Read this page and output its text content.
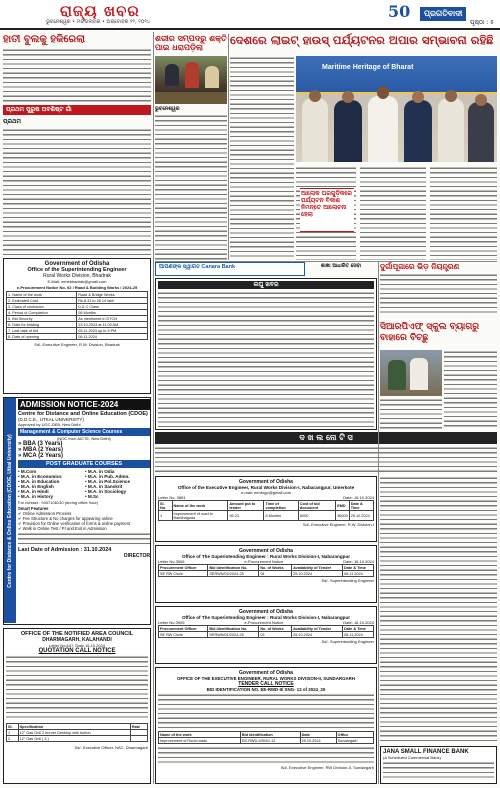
ରାଜ୍ୟ ଖବର
ଭୁବନେଶ୍ୱର • ମଙ୍ଗଳବାର • ଅକ୍ଟୋବର ୨୨, ୨୦୨୪
50	ପ୍ରଗତିବାଦୀ
ପୃଷ୍ଠା : ୫
ହାତୀ ବୁଲକୁ ହକିରେଲା
ପ୍ରଥମ ପୁରୁଷ ଅବଶିଷ୍ଟ ଗାଁ
ପ୍ରଥମ
Government of Odisha
Office of the Superintending Engineer
Rural Works Division, Bhadrak
E-Mail: eerwbhadrak@gmail.com
e-Procurement Notice No. 02 / Road & Building Works / 2024-25
1. Name of the work	Road & Bridge Works
2. Estimated Cost	Rs.8.31 to 28.14 lakh
3. Class of contractor	D & C Class
4. Period of Completion	06 Months
5. Bid Security	As mentioned in DTCN
6. Date for bidding	23.10.2024 at 11.00 AM
7. Last date of bid	05.11.2024 up to 5 PM
8. Date of opening	06.11.2024
Sd/- Executive Engineer, R.W. Division, Bhadrak
Centre for Distance & Online Education (CDOE, Utkal University)
ADMISSION NOTICE-2024
Centre for Distance and Online Education (CDOE)
(D.D.C.E., UTKAL UNIVERSITY)
Approved by UGC-DEB, New Delhi
Management & Computer Science Courses
(NOC from AICTE, New Delhi)
» BBA (3 Years)
» MBA (2 Years)
» MCA (2 Years)
POST GRADUATE COURSES
• M.Com	• M.A. in Odia
• M.A. in Economics	• M.A. in Pub. Admn.
• M.A. in Education	• M.A. in Pol.Science
• M.A. in English	• M.A. in Sanskrit
• M.A. in Hindi	• M.A. in Sociology
• M.A. in History	• M.Sc
For contact : 9437106130 (during office hour)
Smart Features
✔ Online Admission Process
✔ Fee Structure & No charges for appearing online
✔ Provision for Online verification of forms & online payment
✔ Walk in Online Test / PI and Exit in Admission
Last Date of Admission : 31.10.2024
DIRECTOR
OFFICE OF THE NOTIFIED AREA COUNCIL
DHARMAGARH, KALAHANDI
Letter No.647, Date 16.10.2024
QUOTATION CALL NOTICE
Sl.	Specification	Rate
1	12" Gas Grill 2 burner Desktop with button	
2	12" Gas Grill ( 3 )	
Sd/- Executive Officer, NAC, Dharmagarh
ଶରୀର ସମ୍ପଦରୁ ଶକ୍ତି ପାଇ ଧରାପଡ଼ିଲା
ଭୁବନେଶ୍ୱର
ଦେଶରେ ଲାଇଟ୍‍ ହାଉସ୍‍ ପର୍ଯ୍ୟଟନର ଅପାର ସମ୍ଭାବନା ରହିଛି
Maritime Heritage of Bharat
ଆଲୋକ ଘରଗୁଡ଼ିକରେ ପର୍ଯ୍ୟଟନ ବିକାଶ ନିମନ୍ତେ ଆଲୋଚନା ହେଲା
ଆପଣଙ୍କ ସ୍ୱାଗତ Canara Bank	ଶାଖା ଆଧାରିତ ସେବା
ଲଘୁ ଖବର
ଦୁର୍ଗାପୂଜାରେ ଭିଡ଼ ନିୟନ୍ତ୍ରଣ
ସିଆରପିଏଫ୍‍ ସ୍କୁଲ ବ୍ୟାଗରୁ ବାହାରେ ବିଚ୍ଛୁ
ଦ ଖ ଲ ନୋ ଟି ସ
Government of Odisha
Office of the Executive Engineer, Rural Works Division-I, Nabarangpur, Umerkote
e-mail: eenbrgp@gmail.com
Letter No. 3881	Date: 16.10.2024
Sl. No.	Name of the work	Amount put to tender	Time of completion	Cost of bid document	EMD	Date & Time
1	Improvement of road to Bandhaguda	36.23	6 Months	6000	36000	25.10.2024
Sd/- Executive Engineer, R.W. Division-I
Government of Odisha
Office of The Superintending Engineer : Rural Works Division-I, Nabarangpur
Letter No.3906	e-Procurement Notice	Date: 16.10.2024
Procurement Officer	Bid Identification No.	No. of Works	Availability of Tender	Date & Time
SE RW Circle	SERWN/02/2024-25	04	25.10.2024	08.11.2024
Sd/- Superintending Engineer
Government of Odisha
Office of The Superintending Engineer : Rural Works Division-I, Nabarangpur
Letter No.3905	e-Procurement Notice	Date: 16.10.2024
Procurement Officer	Bid Identification No.	No. of Works	Availability of Tender	Date & Time
SE RW Circle	SERWN/01/2024-25	03	25.10.2024	08.11.2024
Sd/- Superintending Engineer
Government of Odisha
OFFICE OF THE EXECUTIVE ENGINEER, RURAL WORKS DIVISION-II, SUNDARGARH
TENDER CALL NOTICE
BID IDENTIFICATION NO. EE-RWD-II/ SNG- 12 of 2024_25
Name of the work	Bid Identification	Date	Office
Improvement of Rural roads	EE-RWD-II/SNG-12	29.10.2024	Sundargarh
Sd/- Executive Engineer, RW Division-II, Sundargarh
JANA SMALL FINANCE BANK
(A Scheduled Commercial Bank)
